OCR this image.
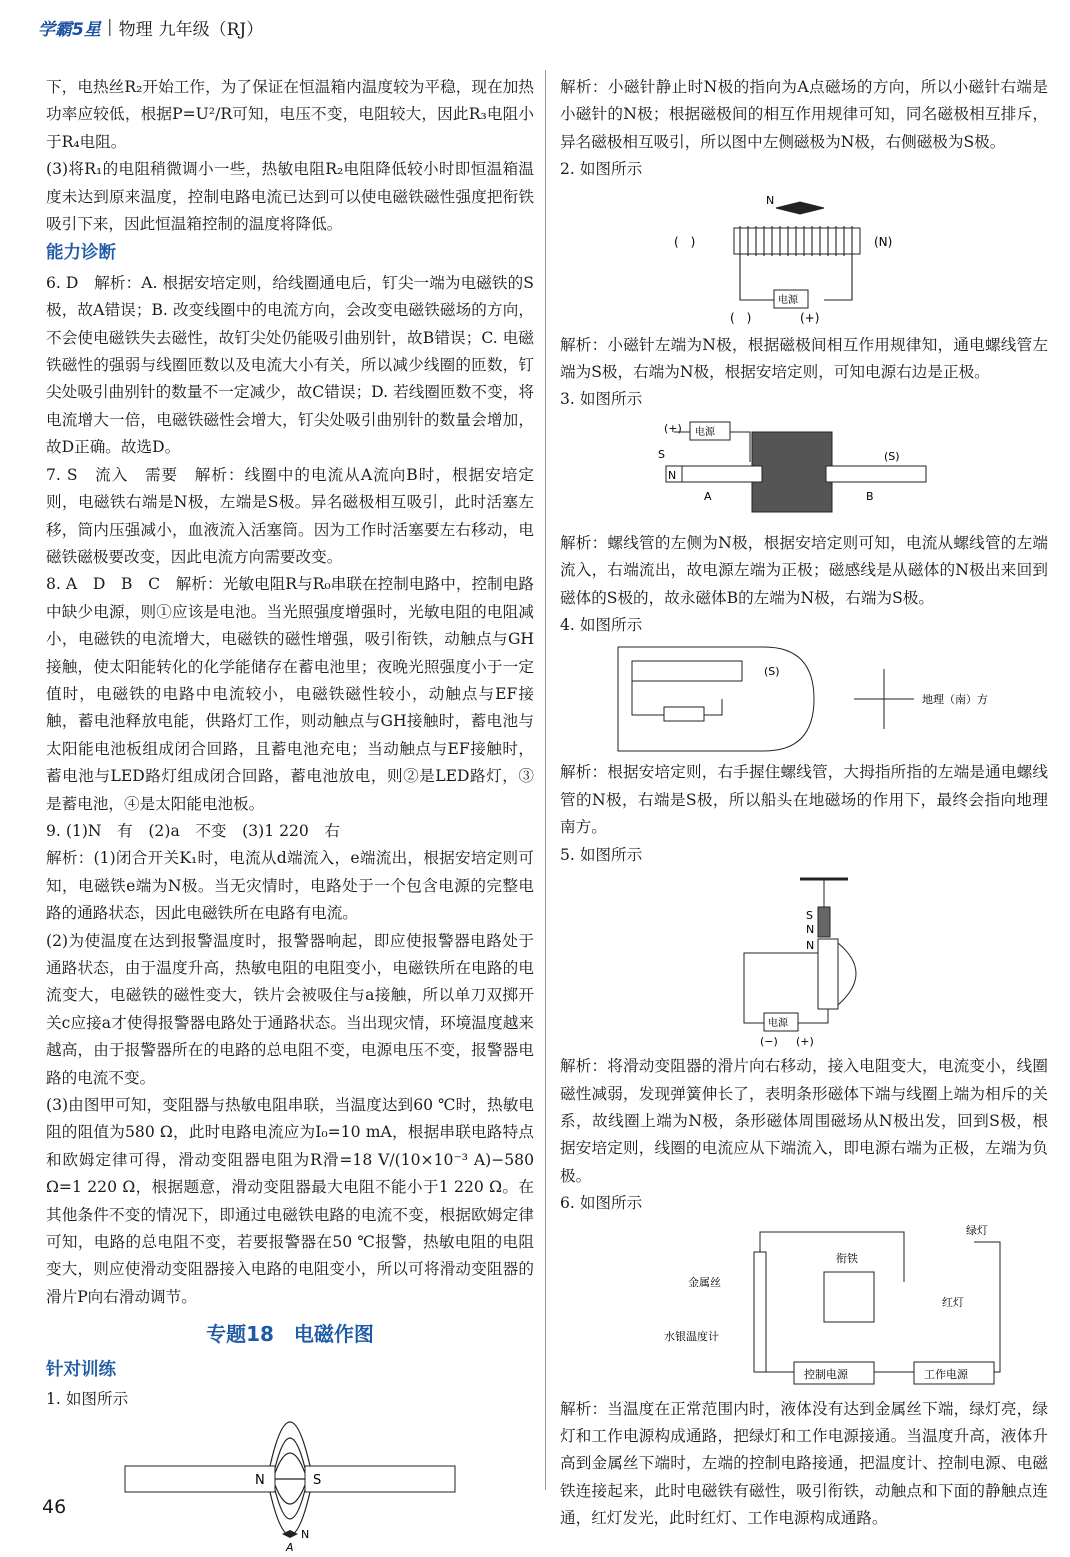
学霸5星 | 物理 九年级（RJ）

下，电热丝R₂开始工作，为了保证在恒温箱内温度较为平稳，现在加热功率应较低，根据P=U²/R可知，电压不变，电阻较大，因此R₃电阻小于R₄电阻。

(3)将R₁的电阻稍微调小一些，热敏电阻R₂电阻降低较小时即恒温箱温度未达到原来温度，控制电路电流已达到可以使电磁铁磁性强度把衔铁吸引下来，因此恒温箱控制的温度将降低。

能力诊断

6. D　解析：A. 根据安培定则，给线圈通电后，钉尖一端为电磁铁的S极，故A错误；B. 改变线圈中的电流方向，会改变电磁铁磁场的方向，不会使电磁铁失去磁性，故钉尖处仍能吸引曲别针，故B错误；C. 电磁铁磁性的强弱与线圈匝数以及电流大小有关，所以减少线圈的匝数，钉尖处吸引曲别针的数量不一定减少，故C错误；D. 若线圈匝数不变，将电流增大一倍，电磁铁磁性会增大，钉尖处吸引曲别针的数量会增加，故D正确。故选D。

7. S　流入　需要　解析：线圈中的电流从A流向B时，根据安培定则，电磁铁右端是N极，左端是S极。异名磁极相互吸引，此时活塞左移，筒内压强减小，血液流入活塞筒。因为工作时活塞要左右移动，电磁铁磁极要改变，因此电流方向需要改变。

8. A　D　B　C　解析：光敏电阻R与R₀串联在控制电路中，控制电路中缺少电源，则①应该是电池。当光照强度增强时，光敏电阻的电阻减小，电磁铁的电流增大，电磁铁的磁性增强，吸引衔铁，动触点与GH接触，使太阳能转化的化学能储存在蓄电池里；夜晚光照强度小于一定值时，电磁铁的电路中电流较小，电磁铁磁性较小，动触点与EF接触，蓄电池释放电能，供路灯工作，则动触点与GH接触时，蓄电池与太阳能电池板组成闭合回路，且蓄电池充电；当动触点与EF接触时，蓄电池与LED路灯组成闭合回路，蓄电池放电，则②是LED路灯，③是蓄电池，④是太阳能电池板。

9. (1)N　有　(2)a　不变　(3)1 220　右

解析：(1)闭合开关K₁时，电流从d端流入，e端流出，根据安培定则可知，电磁铁e端为N极。当无灾情时，电路处于一个包含电源的完整电路的通路状态，因此电磁铁所在电路有电流。

(2)为使温度在达到报警温度时，报警器响起，即应使报警器电路处于通路状态，由于温度升高，热敏电阻的电阻变小，电磁铁所在电路的电流变大，电磁铁的磁性变大，铁片会被吸住与a接触，所以单刀双掷开关c应接a才使得报警器电路处于通路状态。当出现灾情，环境温度越来越高，由于报警器所在的电路的总电阻不变，电源电压不变，报警器电路的电流不变。

(3)由图甲可知，变阻器与热敏电阻串联，当温度达到60 ℃时，热敏电阻的阻值为580 Ω，此时电路电流应为I₀=10 mA，根据串联电路特点和欧姆定律可得，滑动变阻器电阻为R滑=18 V/(10×10⁻³ A)−580 Ω=1 220 Ω，根据题意，滑动变阻器最大电阻不能小于1 220 Ω。在其他条件不变的情况下，即通过电磁铁电路的电流不变，根据欧姆定律可知，电路的总电阻不变，若要报警器在50 ℃报警，热敏电阻的电阻变大，则应使滑动变阻器接入电路的电阻变小，所以可将滑动变阻器的滑片P向右滑动调节。

专题18　电磁作图
针对训练

1. 如图所示

N	S
N
A

解析：小磁针静止时N极的指向为A点磁场的方向，所以小磁针右端是小磁针的N极；根据磁极间的相互作用规律可知，同名磁极相互排斥，异名磁极相互吸引，所以图中左侧磁极为N极，右侧磁极为S极。

2. 如图所示

N
(　)	(N)
电源
(　)	(+)

解析：小磁针左端为N极，根据磁极间相互作用规律知，通电螺线管左端为S极，右端为N极，根据安培定则，可知电源右边是正极。

3. 如图所示

(+) 电源
S
N
(S)
A	B

解析：螺线管的左侧为N极，根据安培定则可知，电流从螺线管的左端流入，右端流出，故电源左端为正极；磁感线是从磁体的N极出来回到磁体的S极的，故永磁体B的左端为N极，右端为S极。

4. 如图所示

(S)
地理（南）方

解析：根据安培定则，右手握住螺线管，大拇指所指的左端是通电螺线管的N极，右端是S极，所以船头在地磁场的作用下，最终会指向地理南方。

5. 如图所示

S
N
N
电源
(−) (+)

解析：将滑动变阻器的滑片向右移动，接入电阻变大，电流变小，线圈磁性减弱，发现弹簧伸长了，表明条形磁体下端与线圈上端为相斥的关系，故线圈上端为N极，条形磁体周围磁场从N极出发，回到S极，根据安培定则，线圈的电流应从下端流入，即电源右端为正极，左端为负极。

6. 如图所示

金属丝
水银温度计
衔铁
绿灯
红灯
控制电源	工作电源

解析：当温度在正常范围内时，液体没有达到金属丝下端，绿灯亮，绿灯和工作电源构成通路，把绿灯和工作电源接通。当温度升高，液体升高到金属丝下端时，左端的控制电路接通，把温度计、控制电源、电磁铁连接起来，此时电磁铁有磁性，吸引衔铁，动触点和下面的静触点连通，红灯发光，此时红灯、工作电源构成通路。

46
